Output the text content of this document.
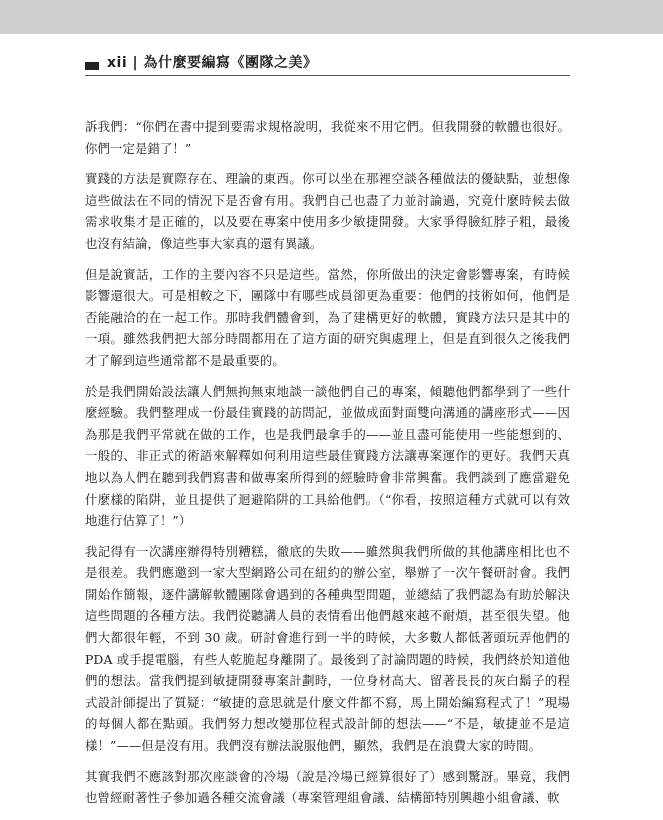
xii | 為什麼要編寫《團隊之美》

訴我們：“你們在書中提到要需求規格說明，我從來不用它們。但我開發的軟體也很好。你們一定是錯了！”

實踐的方法是實際存在、理論的東西。你可以坐在那裡空談各種做法的優缺點，並想像這些做法在不同的情況下是否會有用。我們自己也盡了力並討論過，究竟什麼時候去做需求收集才是正確的，以及要在專案中使用多少敏捷開發。大家爭得臉紅脖子粗，最後也沒有結論，像這些事大家真的還有異議。

但是說實話，工作的主要內容不只是這些。當然，你所做出的決定會影響專案，有時候影響還很大。可是相較之下，團隊中有哪些成員卻更為重要：他們的技術如何，他們是否能融洽的在一起工作。那時我們體會到，為了建構更好的軟體，實踐方法只是其中的一項。雖然我們把大部分時間都用在了這方面的研究與處理上，但是直到很久之後我們才了解到這些通常都不是最重要的。

於是我們開始設法讓人們無拘無束地談一談他們自己的專案，傾聽他們都學到了一些什麼經驗。我們整理成一份最佳實踐的訪問記，並做成面對面雙向溝通的講座形式——因為那是我們平常就在做的工作，也是我們最拿手的——並且盡可能使用一些能想到的、一般的、非正式的術語來解釋如何利用這些最佳實踐方法讓專案運作的更好。我們天真地以為人們在聽到我們寫書和做專案所得到的經驗時會非常興奮。我們談到了應當避免什麼樣的陷阱，並且提供了迴避陷阱的工具給他們。（“你看，按照這種方式就可以有效地進行估算了！”）

我記得有一次講座辦得特別糟糕，徹底的失敗——雖然與我們所做的其他講座相比也不是很差。我們應邀到一家大型網路公司在紐約的辦公室，舉辦了一次午餐研討會。我們開始作簡報，逐件講解軟體團隊會遇到的各種典型問題，並總結了我們認為有助於解決這些問題的各種方法。我們從聽講人員的表情看出他們越來越不耐煩，甚至很失望。他們大都很年輕，不到 30 歲。研討會進行到一半的時候，大多數人都低著頭玩弄他們的 PDA 或手提電腦，有些人乾脆起身離開了。最後到了討論問題的時候，我們終於知道他們的想法。當我們提到敏捷開發專案計劃時，一位身材高大、留著長長的灰白鬍子的程式設計師提出了質疑：“敏捷的意思就是什麼文件都不寫，馬上開始編寫程式了！”現場的每個人都在點頭。我們努力想改變那位程式設計師的想法——“不是，敏捷並不是這樣！”——但是沒有用。我們沒有辦法說服他們，顯然，我們是在浪費大家的時間。

其實我們不應該對那次座談會的冷場（說是冷場已經算很好了）感到驚訝。畢竟，我們也曾經耐著性子參加過各種交流會議（專案管理組會議、結構節特別興趣小組會議、軟
